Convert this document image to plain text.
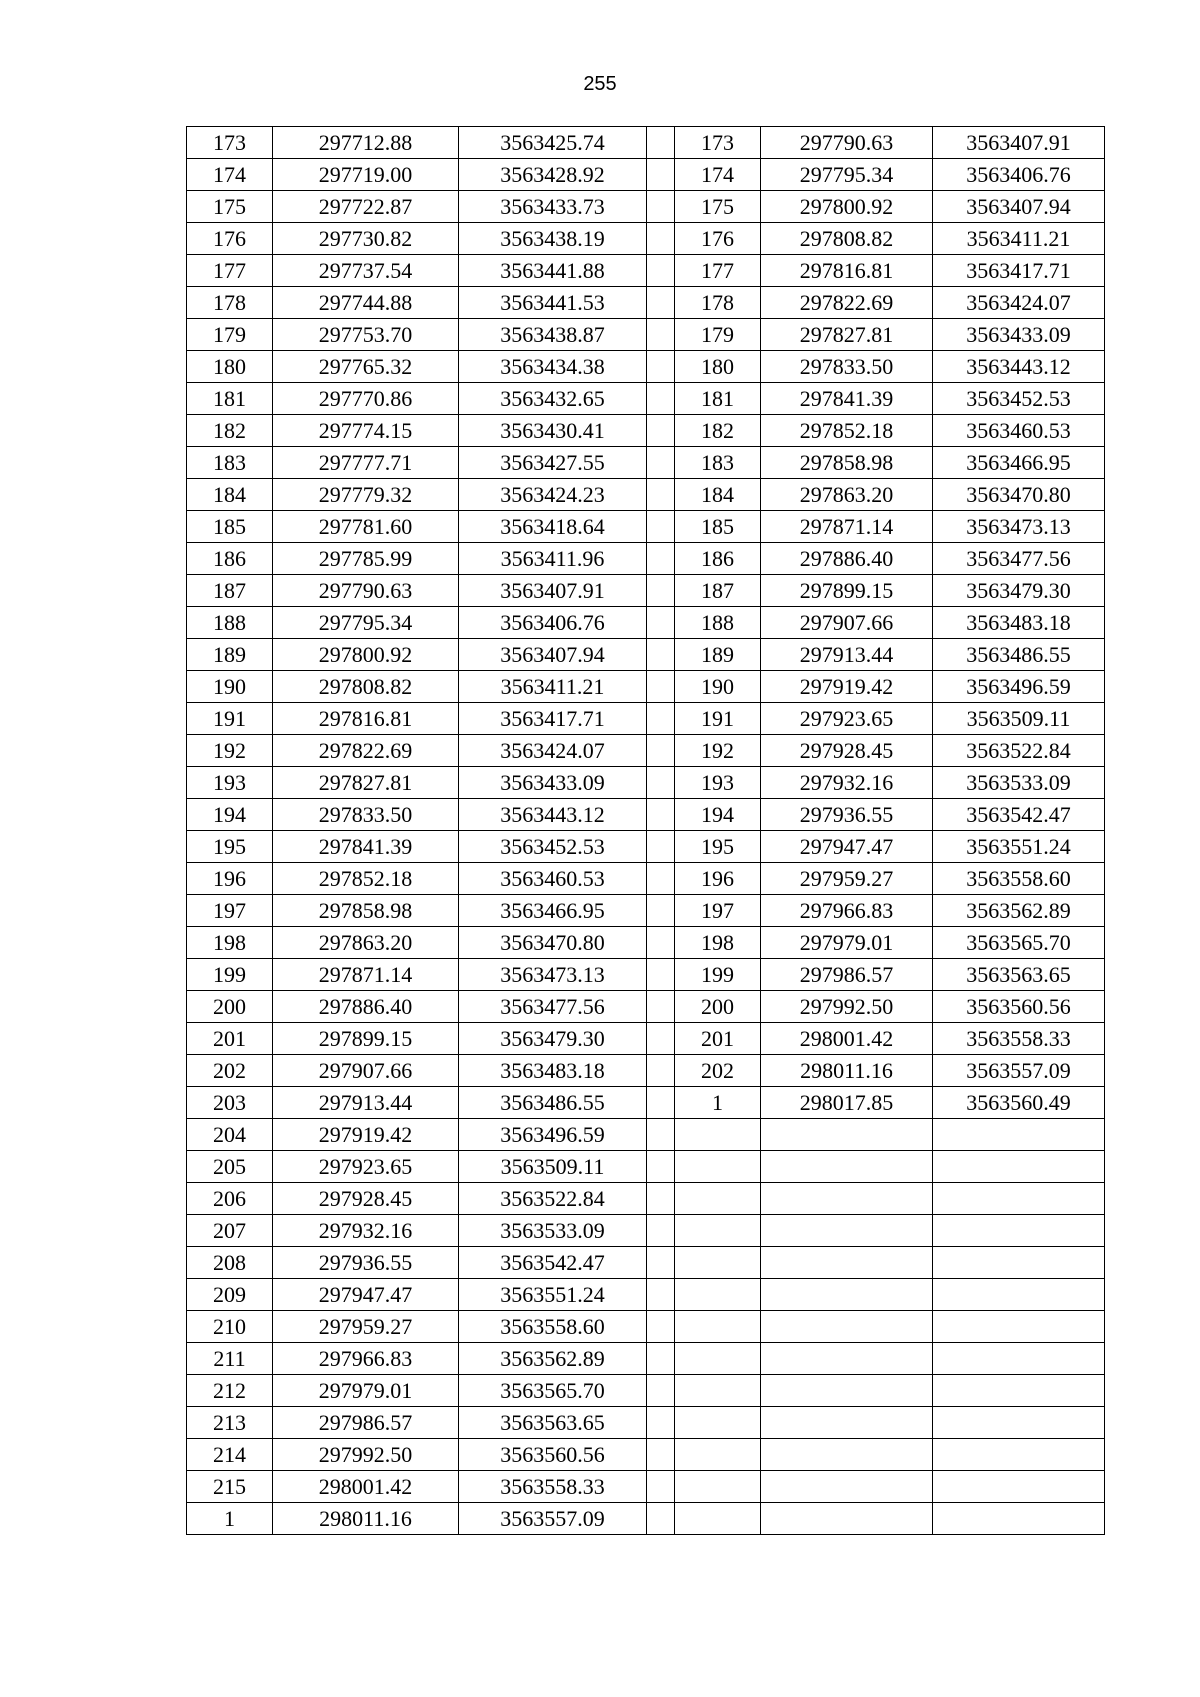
255
173	297712.88	3563425.74		173	297790.63	3563407.91
174	297719.00	3563428.92		174	297795.34	3563406.76
175	297722.87	3563433.73		175	297800.92	3563407.94
176	297730.82	3563438.19		176	297808.82	3563411.21
177	297737.54	3563441.88		177	297816.81	3563417.71
178	297744.88	3563441.53		178	297822.69	3563424.07
179	297753.70	3563438.87		179	297827.81	3563433.09
180	297765.32	3563434.38		180	297833.50	3563443.12
181	297770.86	3563432.65		181	297841.39	3563452.53
182	297774.15	3563430.41		182	297852.18	3563460.53
183	297777.71	3563427.55		183	297858.98	3563466.95
184	297779.32	3563424.23		184	297863.20	3563470.80
185	297781.60	3563418.64		185	297871.14	3563473.13
186	297785.99	3563411.96		186	297886.40	3563477.56
187	297790.63	3563407.91		187	297899.15	3563479.30
188	297795.34	3563406.76		188	297907.66	3563483.18
189	297800.92	3563407.94		189	297913.44	3563486.55
190	297808.82	3563411.21		190	297919.42	3563496.59
191	297816.81	3563417.71		191	297923.65	3563509.11
192	297822.69	3563424.07		192	297928.45	3563522.84
193	297827.81	3563433.09		193	297932.16	3563533.09
194	297833.50	3563443.12		194	297936.55	3563542.47
195	297841.39	3563452.53		195	297947.47	3563551.24
196	297852.18	3563460.53		196	297959.27	3563558.60
197	297858.98	3563466.95		197	297966.83	3563562.89
198	297863.20	3563470.80		198	297979.01	3563565.70
199	297871.14	3563473.13		199	297986.57	3563563.65
200	297886.40	3563477.56		200	297992.50	3563560.56
201	297899.15	3563479.30		201	298001.42	3563558.33
202	297907.66	3563483.18		202	298011.16	3563557.09
203	297913.44	3563486.55		1	298017.85	3563560.49
204	297919.42	3563496.59				
205	297923.65	3563509.11				
206	297928.45	3563522.84				
207	297932.16	3563533.09				
208	297936.55	3563542.47				
209	297947.47	3563551.24				
210	297959.27	3563558.60				
211	297966.83	3563562.89				
212	297979.01	3563565.70				
213	297986.57	3563563.65				
214	297992.50	3563560.56				
215	298001.42	3563558.33				
1	298011.16	3563557.09				
